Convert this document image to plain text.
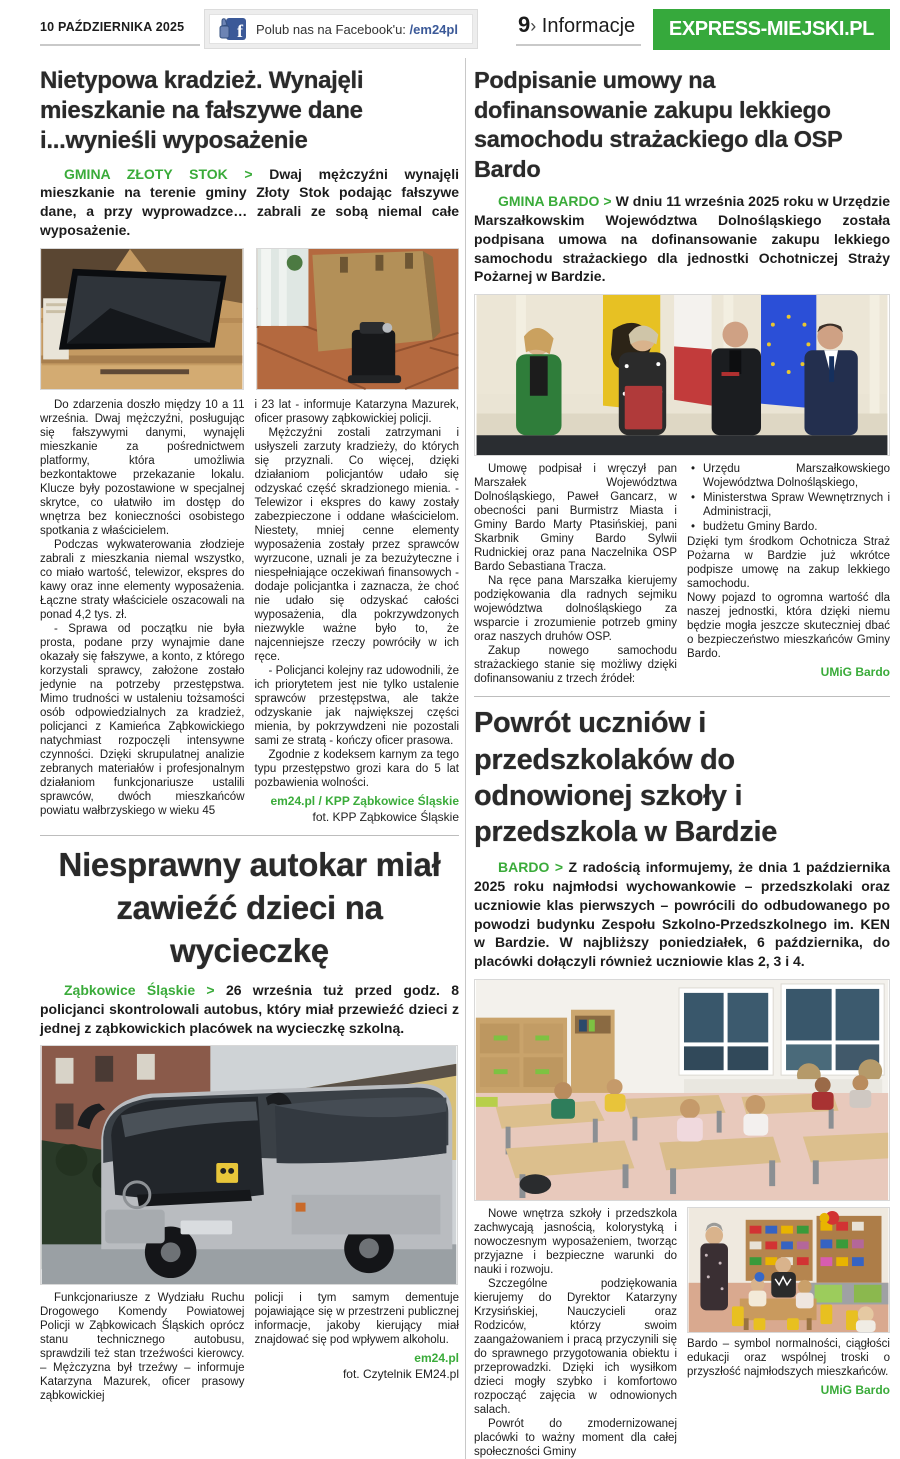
10 PAŹDZIERNIKA 2025	f Polub nas na Facebook'u: /em24pl	9› Informacje	EXPRESS-MIEJSKI.PL
Nietypowa kradzież. Wynajęli mieszkanie na fałszywe dane i...wynieśli wyposażenie

GMINA ZŁOTY STOK > Dwaj mężczyźni wynajęli mieszkanie na terenie gminy Złoty Stok podając fałszywe dane, a przy wyprowadzce… zabrali ze sobą niemal całe wyposażenie.

Do zdarzenia doszło między 10 a 11 września. Dwaj mężczyźni, posługując się fałszywymi danymi, wynajęli mieszkanie za pośrednictwem platformy, która umożliwia bezkontaktowe przekazanie lokalu. Klucze były pozostawione w specjalnej skrytce, co ułatwiło im dostęp do wnętrza bez konieczności osobistego spotkania z właścicielem.

Podczas wykwaterowania złodzieje zabrali z mieszkania niemal wszystko, co miało wartość, telewizor, ekspres do kawy oraz inne elementy wyposażenia. Łączne straty właściciele oszacowali na ponad 4,2 tys. zł.

- Sprawa od początku nie była prosta, podane przy wynajmie dane okazały się fałszywe, a konto, z którego korzystali sprawcy, założone zostało jedynie na potrzeby przestępstwa. Mimo trudności w ustaleniu tożsamości osób odpowiedzialnych za kradzież, policjanci z Kamieńca Ząbkowickiego natychmiast rozpoczęli intensywne czynności. Dzięki skrupulatnej analizie zebranych materiałów i profesjonalnym działaniom funkcjonariusze ustalili sprawców, dwóch mieszkańców powiatu wałbrzyskiego w wieku 45

i 23 lat - informuje Katarzyna Mazurek, oficer prasowy ząbkowickiej policji.

Mężczyźni zostali zatrzymani i usłyszeli zarzuty kradzieży, do których się przyznali. Co więcej, dzięki działaniom policjantów udało się odzyskać część skradzionego mienia. - Telewizor i ekspres do kawy zostały zabezpieczone i oddane właścicielom. Niestety, mniej cenne elementy wyposażenia zostały przez sprawców wyrzucone, uznali je za bezużyteczne i niespełniające oczekiwań finansowych - dodaje policjantka i zaznacza, że choć nie udało się odzyskać całości wyposażenia, dla pokrzywdzonych niezwykle ważne było to, że najcenniejsze rzeczy powróciły w ich ręce.

- Policjanci kolejny raz udowodnili, że ich priorytetem jest nie tylko ustalenie sprawców przestępstwa, ale także odzyskanie jak największej części mienia, by pokrzywdzeni nie pozostali sami ze stratą - kończy oficer prasowa.

Zgodnie z kodeksem karnym za tego typu przestępstwo grozi kara do 5 lat pozbawienia wolności.

em24.pl / KPP Ząbkowice Śląskie
fot. KPP Ząbkowice Śląskie
Niesprawny autokar miał zawieźć dzieci na wycieczkę

Ząbkowice Śląskie > 26 września tuż przed godz. 8 policjanci skontrolowali autobus, który miał przewieźć dzieci z jednej z ząbkowickich placówek na wycieczkę szkolną.

Funkcjonariusze z Wydziału Ruchu Drogowego Komendy Powiatowej Policji w Ząbkowicach Śląskich oprócz stanu technicznego autobusu, sprawdzili też stan trzeźwości kierowcy. – Mężczyzna był trzeźwy – informuje Katarzyna Mazurek, oficer prasowy ząbkowickiej

policji i tym samym dementuje pojawiające się w przestrzeni publicznej informacje, jakoby kierujący miał znajdować się pod wpływem alkoholu.

em24.pl
fot. Czytelnik EM24.pl
Podpisanie umowy na dofinansowanie zakupu lekkiego samochodu strażackiego dla OSP Bardo

GMINA BARDO > W dniu 11 września 2025 roku w Urzędzie Marszałkowskim Województwa Dolnośląskiego została podpisana umowa na dofinansowanie zakupu lekkiego samochodu strażackiego dla jednostki Ochotniczej Straży Pożarnej w Bardzie.

Umowę podpisał i wręczył pan Marszałek Województwa Dolnośląskiego, Paweł Gancarz, w obecności pani Burmistrz Miasta i Gminy Bardo Marty Ptasińskiej, pani Skarbnik Gminy Bardo Sylwii Rudnickiej oraz pana Naczelnika OSP Bardo Sebastiana Tracza.

Na ręce pana Marszałka kierujemy podziękowania dla radnych sejmiku województwa dolnośląskiego za wsparcie i zrozumienie potrzeb gminy oraz naszych druhów OSP.

Zakup nowego samochodu strażackiego stanie się możliwy dzięki dofinansowaniu z trzech źródeł:

• Urzędu Marszałkowskiego Województwa Dolnośląskiego,
• Ministerstwa Spraw Wewnętrznych i Administracji,
• budżetu Gminy Bardo.

Dzięki tym środkom Ochotnicza Straż Pożarna w Bardzie już wkrótce podpisze umowę na zakup lekkiego samochodu.

Nowy pojazd to ogromna wartość dla naszej jednostki, która dzięki niemu będzie mogła jeszcze skuteczniej dbać o bezpieczeństwo mieszkańców Gminy Bardo.

UMiG Bardo
Powrót uczniów i przedszkolaków do odnowionej szkoły i przedszkola w Bardzie

BARDO > Z radością informujemy, że dnia 1 października 2025 roku najmłodsi wychowankowie – przedszkolaki oraz uczniowie klas pierwszych – powrócili do odbudowanego po powodzi budynku Zespołu Szkolno-Przedszkolnego im. KEN w Bardzie. W najbliższy poniedziałek, 6 października, do placówki dołączyli również uczniowie klas 2, 3 i 4.

Nowe wnętrza szkoły i przedszkola zachwycają jasnością, kolorystyką i nowoczesnym wyposażeniem, tworząc przyjazne i bezpieczne warunki do nauki i rozwoju.

Szczególne podziękowania kierujemy do Dyrektor Katarzyny Krzysińskiej, Nauczycieli oraz Rodziców, którzy swoim zaangażowaniem i pracą przyczynili się do sprawnego przygotowania obiektu i przeprowadzki. Dzięki ich wysiłkom dzieci mogły szybko i komfortowo rozpocząć zajęcia w odnowionych salach.

Powrót do zmodernizowanej placówki to ważny moment dla całej społeczności Gminy

Bardo – symbol normalności, ciągłości edukacji oraz wspólnej troski o przyszłość najmłodszych mieszkańców.

UMiG Bardo
